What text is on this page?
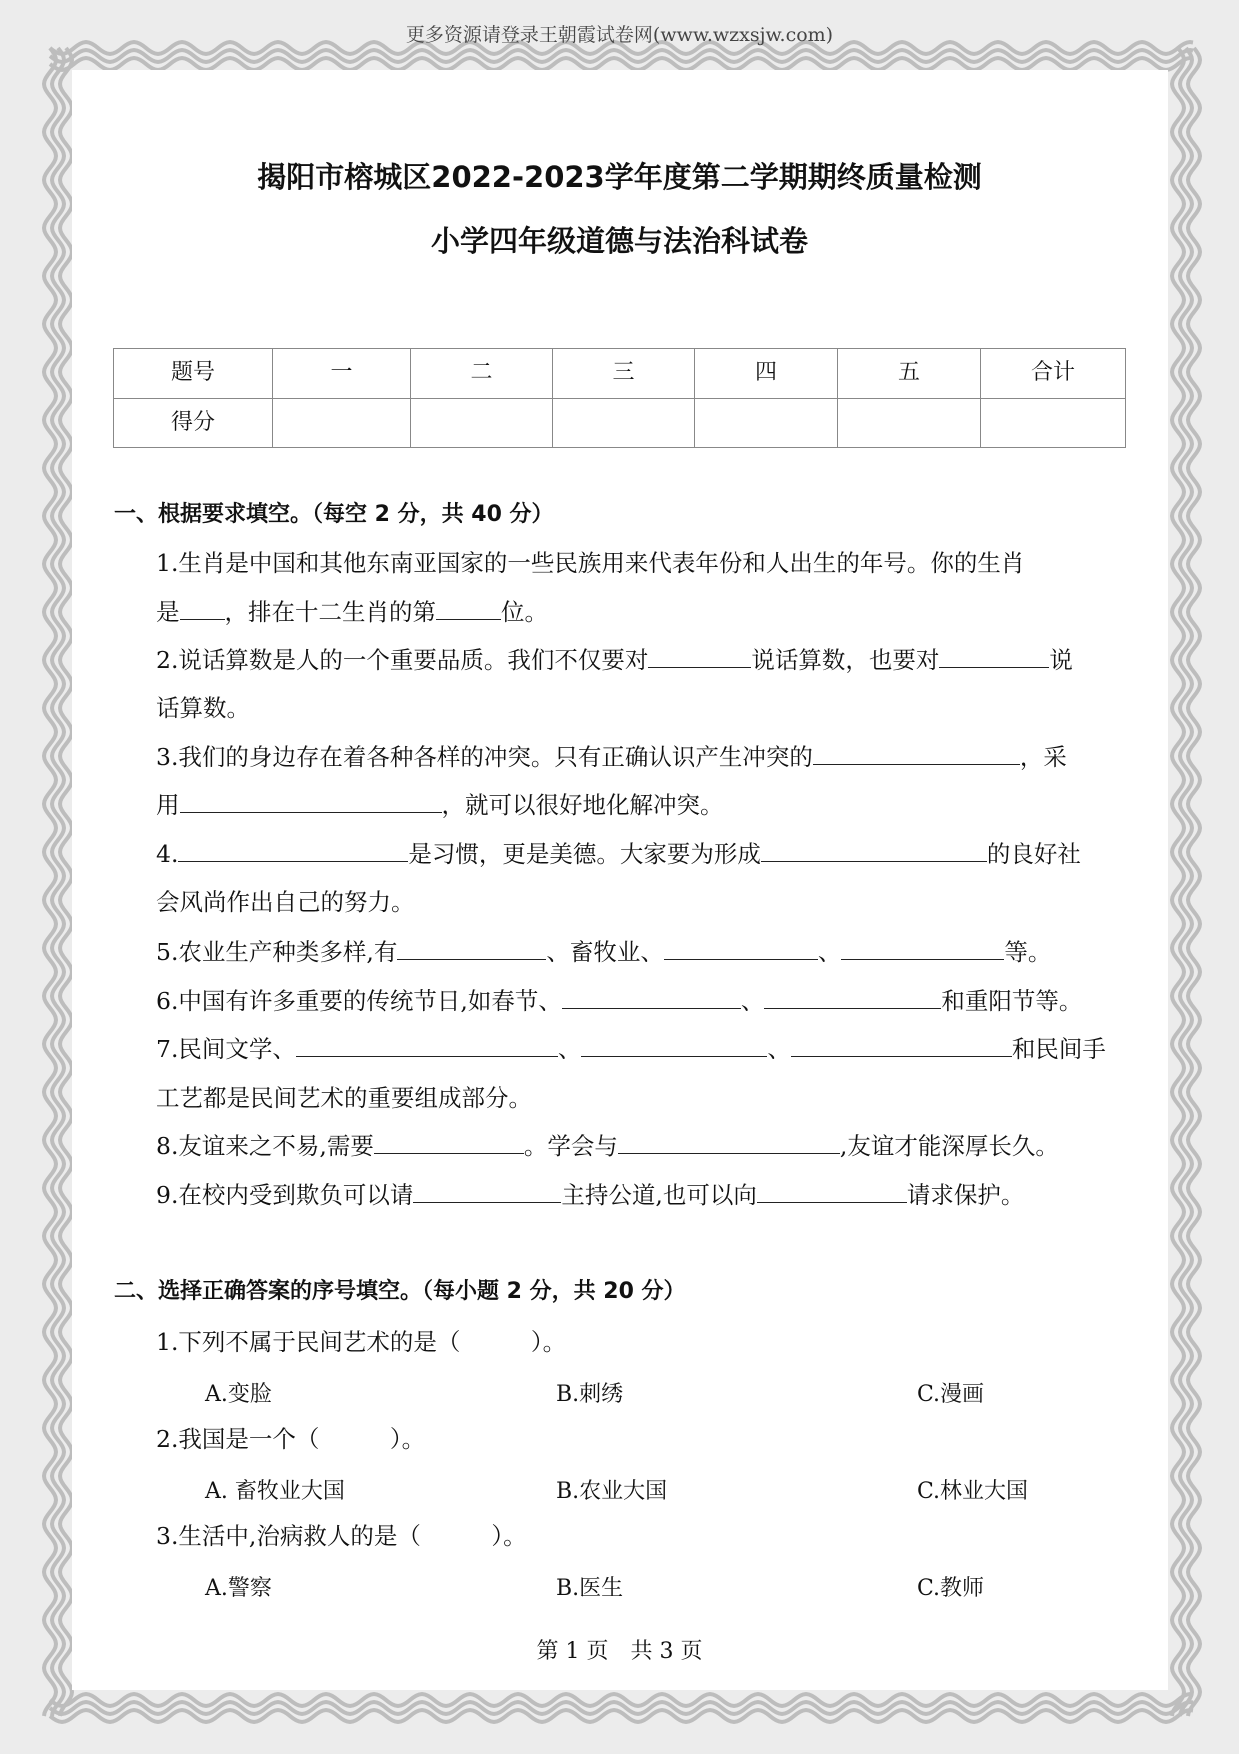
更多资源请登录王朝霞试卷网(www.wzxsjw.com)
揭阳市榕城区2022-2023学年度第二学期期终质量检测
小学四年级道德与法治科试卷
题号	一	二	三	四	五	合计
得分						
一、根据要求填空。（每空 2 分，共 40 分）
1.生肖是中国和其他东南亚国家的一些民族用来代表年份和人出生的年号。你的生肖
是 ，排在十二生肖的第	位。
2.说话算数是人的一个重要品质。我们不仅要对	说话算数，也要对	说
话算数。
3.我们的身边存在着各种各样的冲突。只有正确认识产生冲突的	，采
用	，就可以很好地化解冲突。
4.	是习惯，更是美德。大家要为形成	的良好社
会风尚作出自己的努力。
5.农业生产种类多样,有	、畜牧业、	、	等。
6.中国有许多重要的传统节日,如春节、	、	和重阳节等。
7.民间文学、	、	、	和民间手
工艺都是民间艺术的重要组成部分。
8.友谊来之不易,需要	。学会与	,友谊才能深厚长久。
9.在校内受到欺负可以请	主持公道,也可以向	请求保护。
二、选择正确答案的序号填空。（每小题 2 分，共 20 分）
1.下列不属于民间艺术的是（　　　）。
A.变脸	B.刺绣	C.漫画
2.我国是一个（　　　）。
A. 畜牧业大国	B.农业大国	C.林业大国
3.生活中,治病救人的是（　　　）。
A.警察	B.医生	C.教师
第 1 页　共 3 页
